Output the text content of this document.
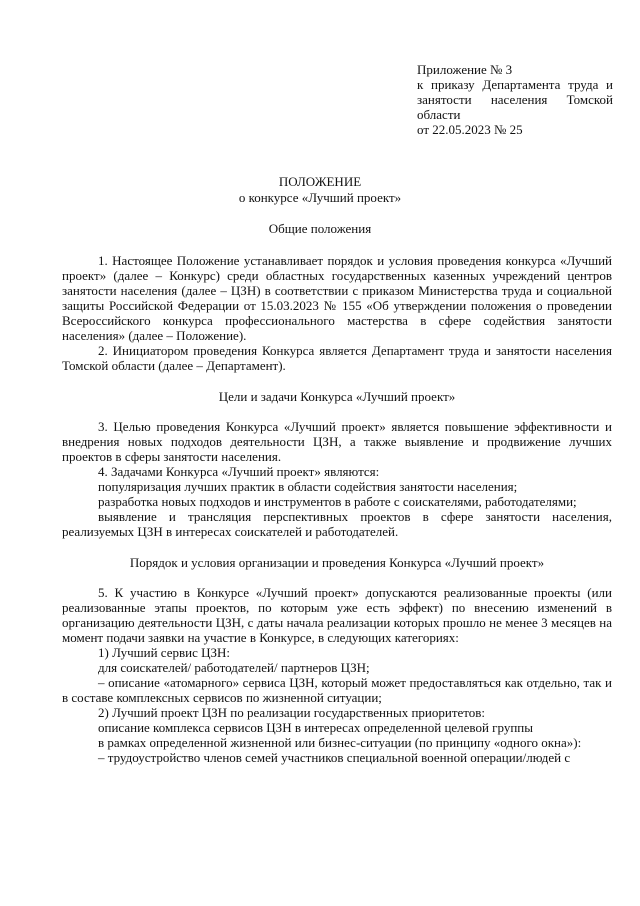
Приложение № 3
к приказу Департамента труда и занятости населения Томской области
от 22.05.2023 № 25
ПОЛОЖЕНИЕ
о конкурсе «Лучший проект»
Общие положения

1. Настоящее Положение устанавливает порядок и условия проведения конкурса «Лучший проект» (далее – Конкурс) среди областных государственных казенных учреждений центров занятости населения (далее – ЦЗН) в соответствии с приказом Министерства труда и социальной защиты Российской Федерации от 15.03.2023 № 155 «Об утверждении положения о проведении Всероссийского конкурса профессионального мастерства в сфере содействия занятости населения» (далее – Положение).

2. Инициатором проведения Конкурса является Департамент труда и занятости населения Томской области (далее – Департамент).

Цели и задачи Конкурса «Лучший проект»

3. Целью проведения Конкурса «Лучший проект» является повышение эффективности и внедрения новых подходов деятельности ЦЗН, а также выявление и продвижение лучших проектов в сферы занятости населения.

4. Задачами Конкурса «Лучший проект» являются:

популяризация лучших практик в области содействия занятости населения;

разработка новых подходов и инструментов в работе с соискателями, работодателями;

выявление и трансляция перспективных проектов в сфере занятости населения, реализуемых ЦЗН в интересах соискателей и работодателей.

Порядок и условия организации и проведения Конкурса «Лучший проект»

5. К участию в Конкурсе «Лучший проект» допускаются реализованные проекты (или реализованные этапы проектов, по которым уже есть эффект) по внесению изменений в организацию деятельности ЦЗН, с даты начала реализации которых прошло не менее 3 месяцев на момент подачи заявки на участие в Конкурсе, в следующих категориях:

1) Лучший сервис ЦЗН:

для соискателей/ работодателей/ партнеров ЦЗН;

– описание «атомарного» сервиса ЦЗН, который может предоставляться как отдельно, так и в составе комплексных сервисов по жизненной ситуации;

2) Лучший проект ЦЗН по реализации государственных приоритетов:

описание комплекса сервисов ЦЗН в интересах определенной целевой группы

в рамках определенной жизненной или бизнес-ситуации (по принципу «одного окна»):

– трудоустройство членов семей участников специальной военной операции/людей с
